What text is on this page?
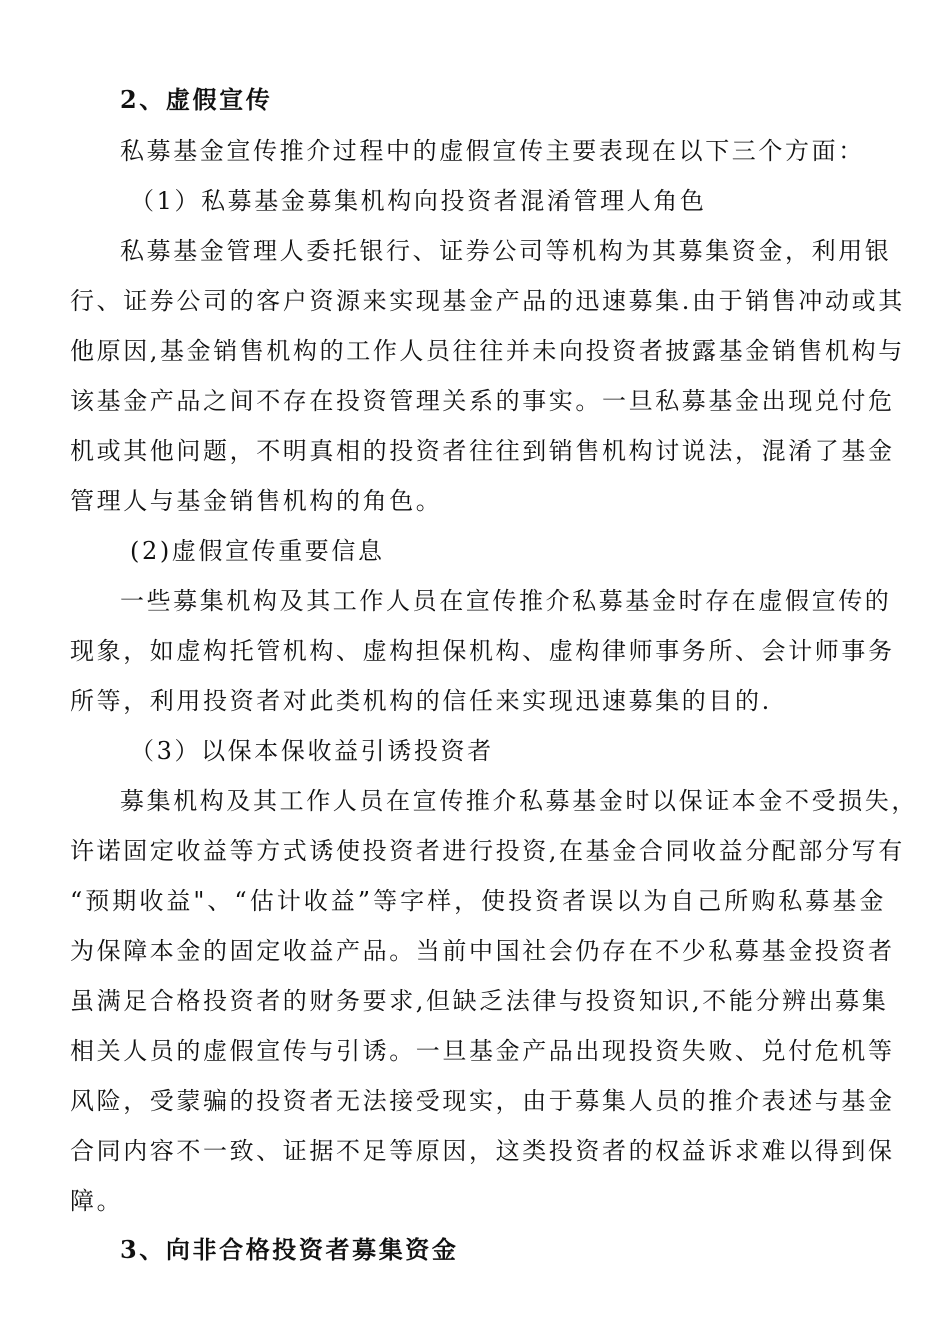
2、虚假宣传
私募基金宣传推介过程中的虚假宣传主要表现在以下三个方面：
（1）私募基金募集机构向投资者混淆管理人角色
私募基金管理人委托银行、证券公司等机构为其募集资金，利用银
行、证券公司的客户资源来实现基金产品的迅速募集.由于销售冲动或其
他原因,基金销售机构的工作人员往往并未向投资者披露基金销售机构与
该基金产品之间不存在投资管理关系的事实。一旦私募基金出现兑付危
机或其他问题，不明真相的投资者往往到销售机构讨说法，混淆了基金
管理人与基金销售机构的角色。
(2)虚假宣传重要信息
一些募集机构及其工作人员在宣传推介私募基金时存在虚假宣传的
现象，如虚构托管机构、虚构担保机构、虚构律师事务所、会计师事务
所等，利用投资者对此类机构的信任来实现迅速募集的目的.
（3）以保本保收益引诱投资者
募集机构及其工作人员在宣传推介私募基金时以保证本金不受损失，
许诺固定收益等方式诱使投资者进行投资,在基金合同收益分配部分写有
“预期收益"、“估计收益”等字样，使投资者误以为自己所购私募基金
为保障本金的固定收益产品。当前中国社会仍存在不少私募基金投资者
虽满足合格投资者的财务要求,但缺乏法律与投资知识,不能分辨出募集
相关人员的虚假宣传与引诱。一旦基金产品出现投资失败、兑付危机等
风险，受蒙骗的投资者无法接受现实，由于募集人员的推介表述与基金
合同内容不一致、证据不足等原因，这类投资者的权益诉求难以得到保
障。
3、向非合格投资者募集资金
